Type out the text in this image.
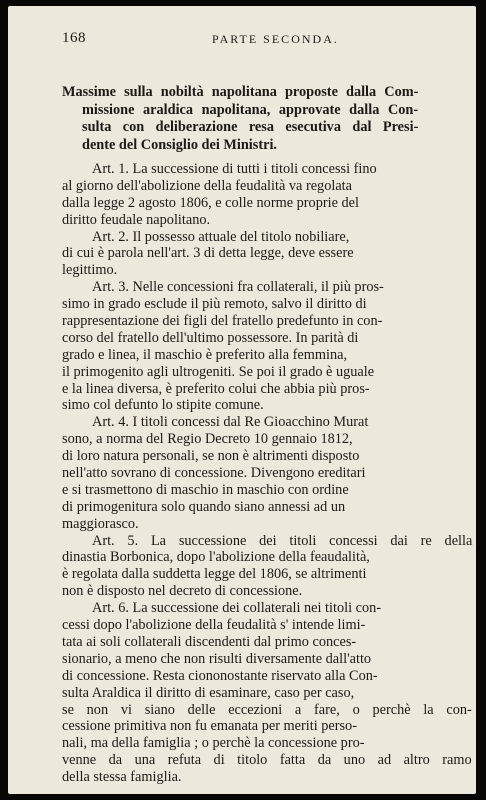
168	PARTE SECONDA.
Massime sulla nobiltà napolitana proposte dalla Com-
missione araldica napolitana, approvate dalla Con-
sulta con deliberazione resa esecutiva dal Presi-
dente del Consiglio dei Ministri.
Art. 1. La successione di tutti i titoli concessi fino
al giorno dell'abolizione della feudalità va regolata
dalla legge 2 agosto 1806, e colle norme proprie del
diritto feudale napolitano.
Art. 2. Il possesso attuale del titolo nobiliare,
di cui è parola nell'art. 3 di detta legge, deve essere
legittimo.
Art. 3. Nelle concessioni fra collaterali, il più pros-
simo in grado esclude il più remoto, salvo il diritto di
rappresentazione dei figli del fratello predefunto in con-
corso del fratello dell'ultimo possessore. In parità di
grado e linea, il maschio è preferito alla femmina,
il primogenito agli ultrogeniti. Se poi il grado è uguale
e la linea diversa, è preferito colui che abbia più pros-
simo col defunto lo stipite comune.
Art. 4. I titoli concessi dal Re Gioacchino Murat
sono, a norma del Regio Decreto 10 gennaio 1812,
di loro natura personali, se non è altrimenti disposto
nell'atto sovrano di concessione. Divengono ereditari
e si trasmettono di maschio in maschio con ordine
di primogenitura solo quando siano annessi ad un
maggiorasco.
Art. 5. La successione dei titoli concessi dai re della
dinastia Borbonica, dopo l'abolizione della feaudalità,
è regolata dalla suddetta legge del 1806, se altrimenti
non è disposto nel decreto di concessione.
Art. 6. La successione dei collaterali nei titoli con-
cessi dopo l'abolizione della feudalità s' intende limi-
tata ai soli collaterali discendenti dal primo conces-
sionario, a meno che non risulti diversamente dall'atto
di concessione. Resta ciononostante riservato alla Con-
sulta Araldica il diritto di esaminare, caso per caso,
se non vi siano delle eccezioni a fare, o perchè la con-
cessione primitiva non fu emanata per meriti perso-
nali, ma della famiglia ; o perchè la concessione pro-
venne da una refuta di titolo fatta da uno ad altro ramo
della stessa famiglia.
